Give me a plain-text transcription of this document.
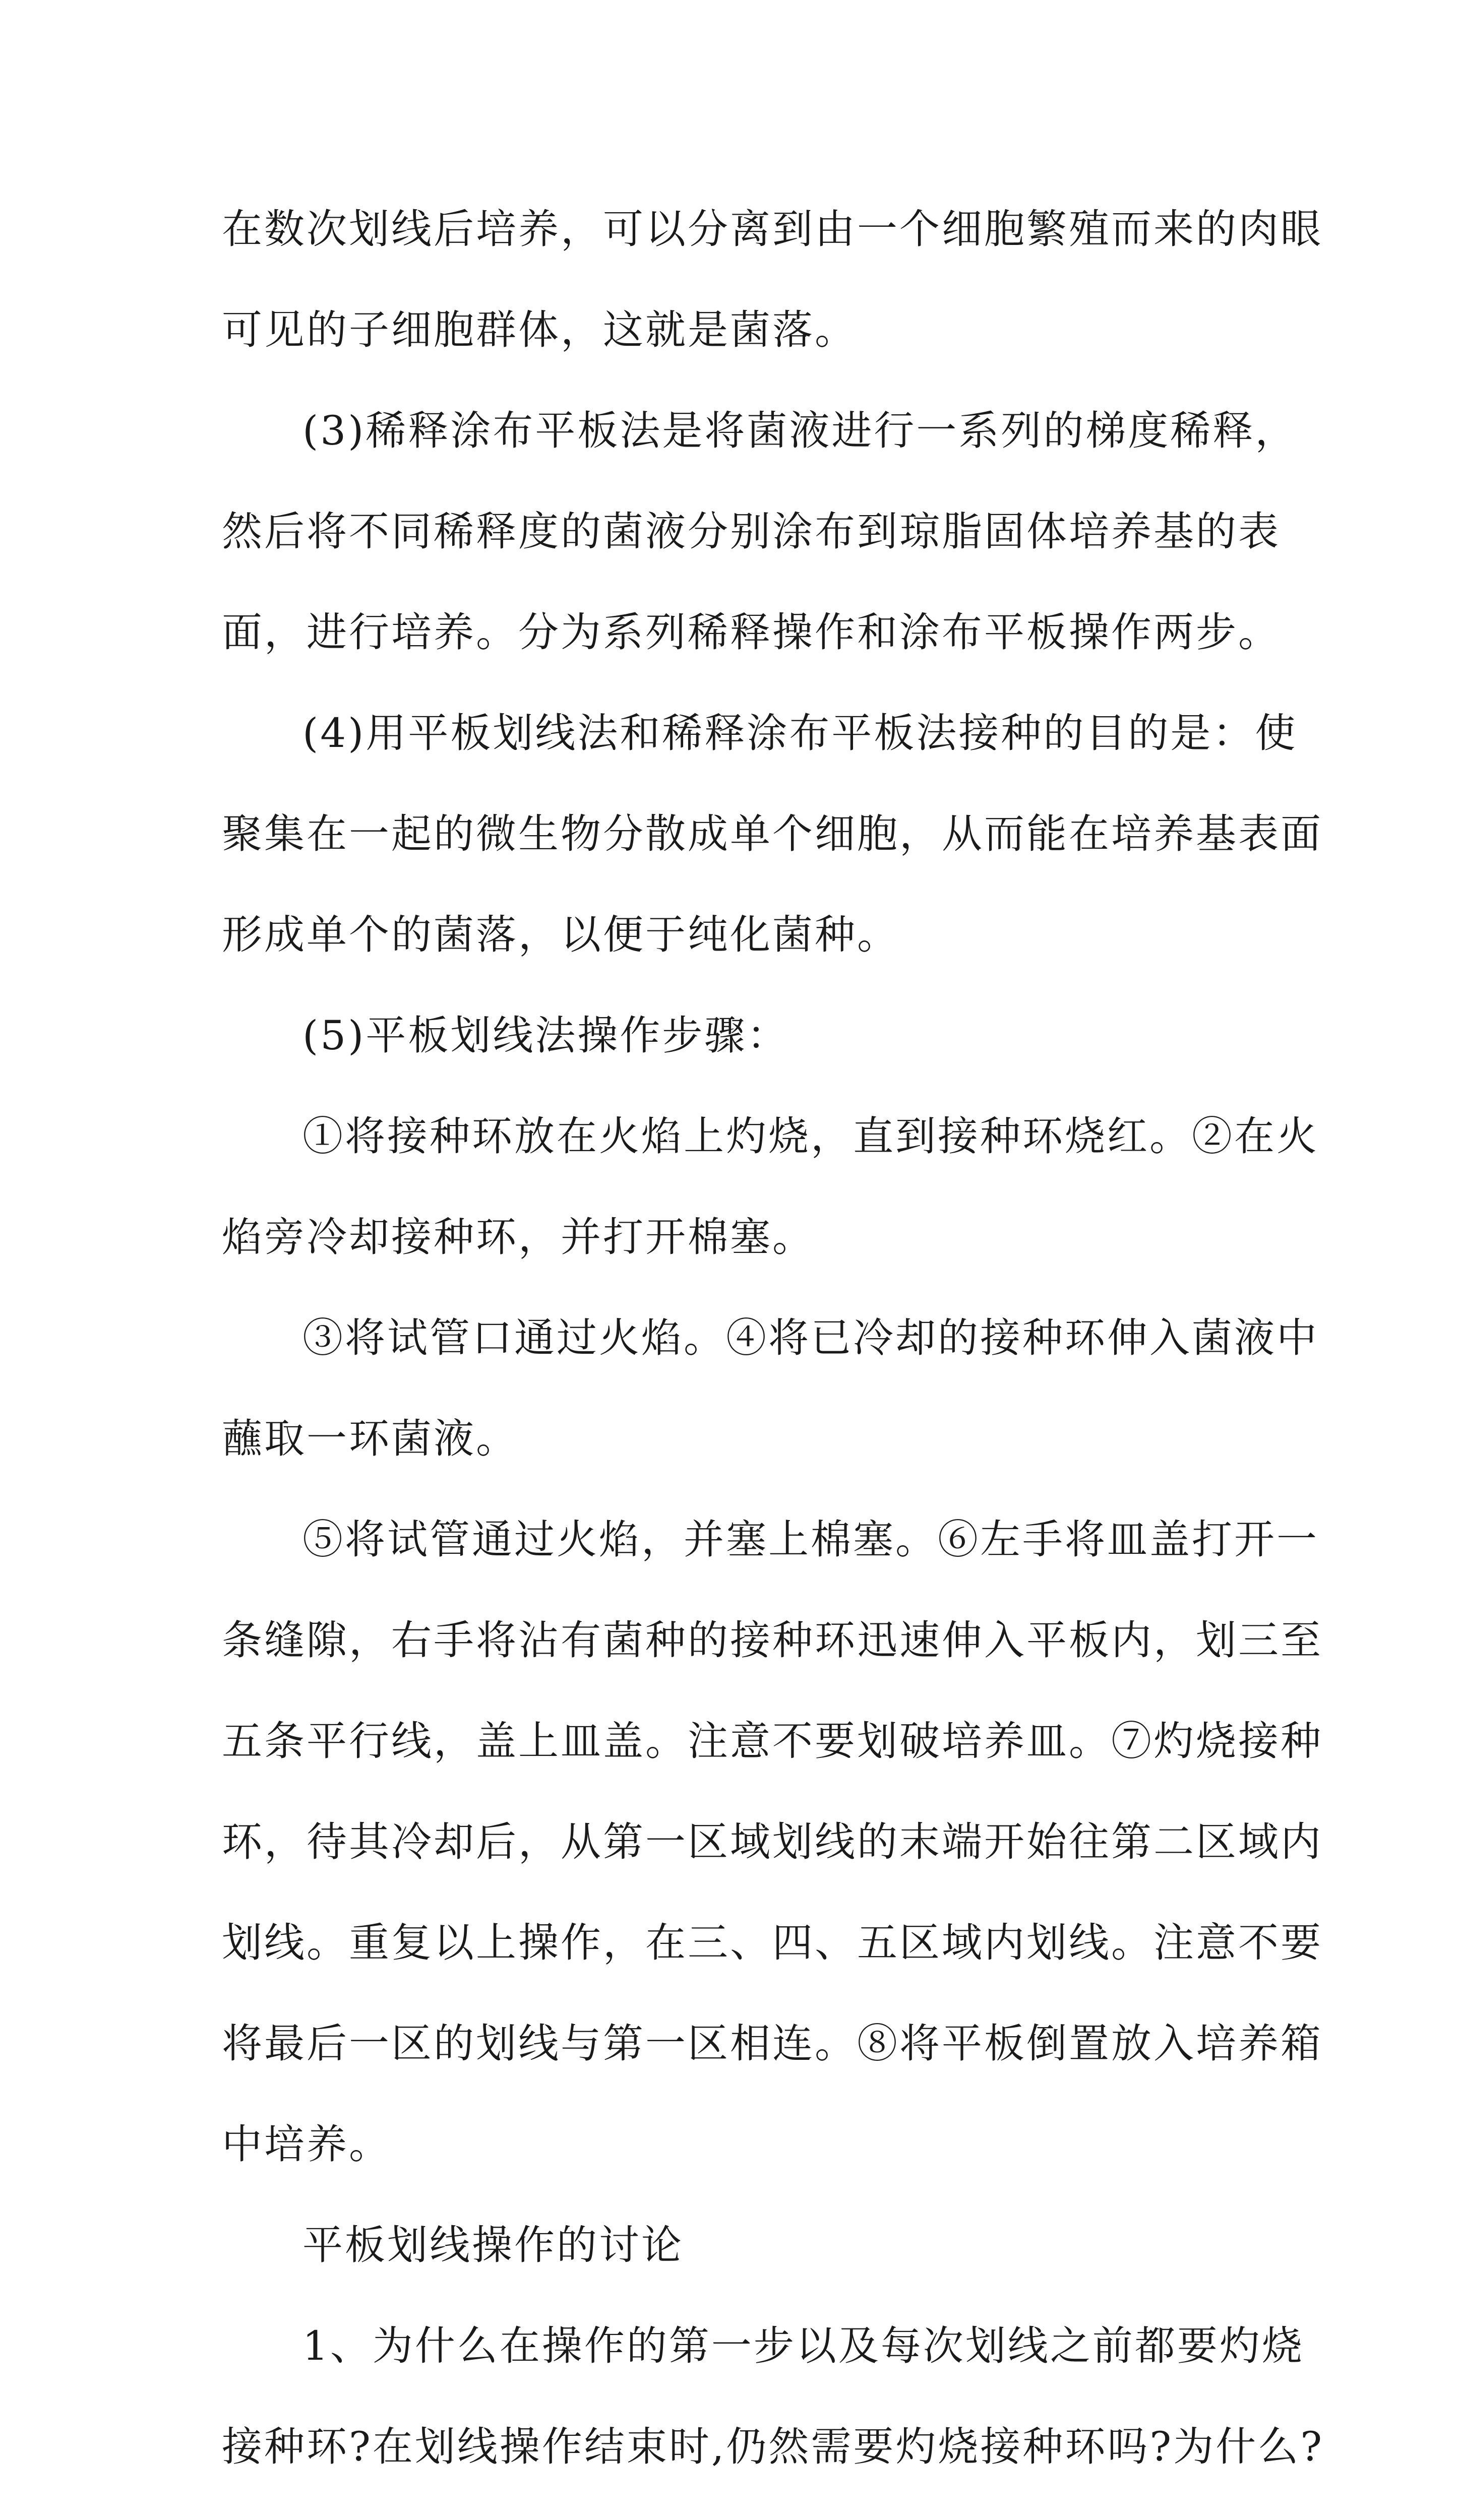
在数次划线后培养，可以分离到由一个细胞繁殖而来的肉眼
可见的子细胞群体，这就是菌落。
(3)稀释涂布平板法是将菌液进行一系列的梯度稀释，
然后将不同稀释度的菌液分别涂布到琼脂固体培养基的表
面，进行培养。分为系列稀释操作和涂布平板操作两步。
(4)用平板划线法和稀释涂布平板法接种的目的是：使
聚集在一起的微生物分散成单个细胞，从而能在培养基表面
形成单个的菌落，以便于纯化菌种。
(5)平板划线法操作步骤：
①将接种环放在火焰上灼烧，直到接种环烧红。②在火
焰旁冷却接种环，并打开棉塞。
③将试管口通过火焰。④将已冷却的接种环伸入菌液中
蘸取一环菌液。
⑤将试管通过火焰，并塞上棉塞。⑥左手将皿盖打开一
条缝隙，右手将沾有菌种的接种环迅速伸入平板内，划三至
五条平行线，盖上皿盖。注意不要划破培养皿。⑦灼烧接种
环，待其冷却后，从第一区域划线的末端开始往第二区域内
划线。重复以上操作，在三、四、五区域内划线。注意不要
将最后一区的划线与第一区相连。⑧将平板倒置放入培养箱
中培养。
平板划线操作的讨论
1、为什么在操作的第一步以及每次划线之前都要灼烧
接种环?在划线操作结束时,仍然需要灼烧接种环吗?为什么?
